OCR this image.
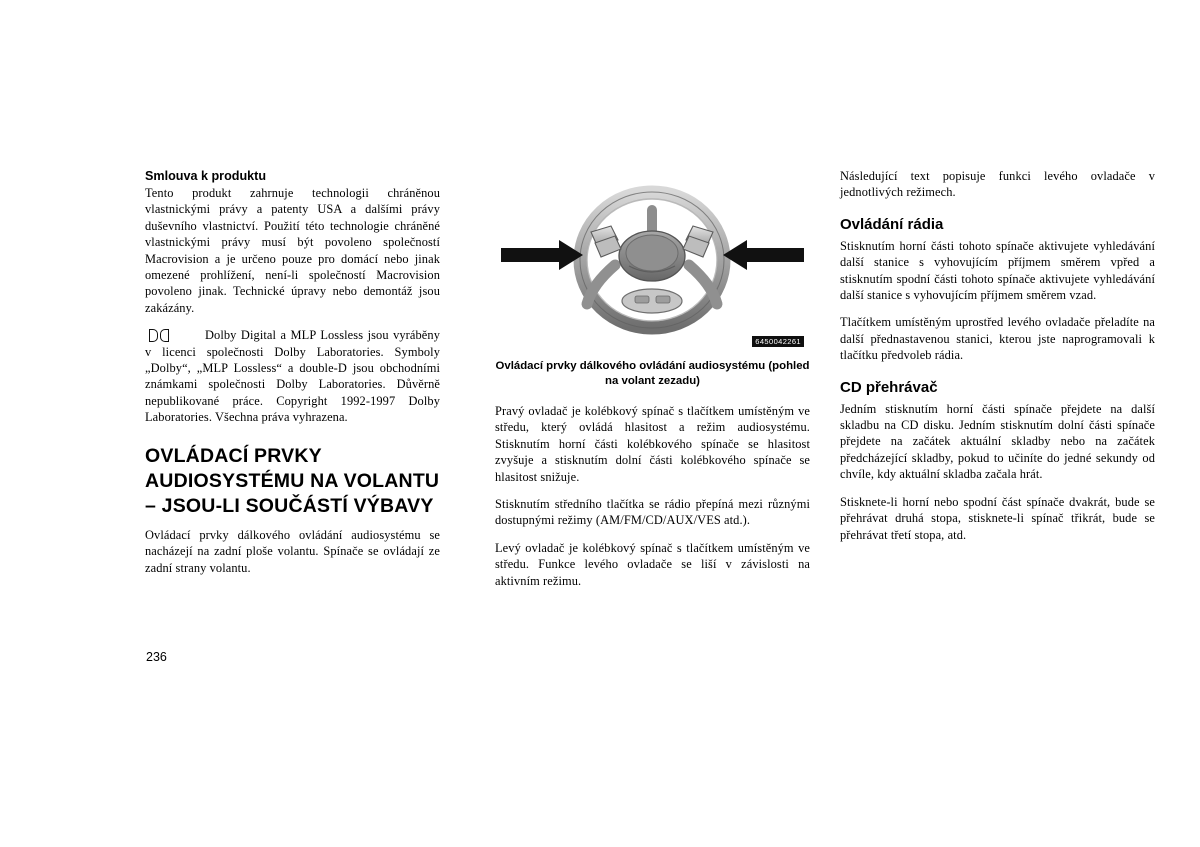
Smlouva k produktu

Tento produkt zahrnuje technologii chráněnou vlastnickými právy a patenty USA a dalšími právy duševního vlastnictví. Použití této technologie chráněné vlastnickými právy musí být povoleno společností Macrovision a je určeno pouze pro domácí nebo jinak omezené prohlížení, není-li společností Macrovision povoleno jinak. Technické úpravy nebo demontáž jsou zakázány.

Dolby Digital a MLP Lossless jsou vyráběny v licenci společnosti Dolby Laboratories. Symboly „Dolby“, „MLP Lossless“ a double-D jsou obchodními známkami společnosti Dolby Laboratories. Důvěrně nepublikované práce. Copyright 1992-1997 Dolby Laboratories. Všechna práva vyhrazena.

OVLÁDACÍ PRVKY AUDIOSYSTÉMU NA VOLANTU – JSOU-LI SOUČÁSTÍ VÝBAVY

Ovládací prvky dálkového ovládání audiosystému se nacházejí na zadní ploše volantu. Spínače se ovládají ze zadní strany volantu.

6450042261
Ovládací prvky dálkového ovládání audiosystému (pohled na volant zezadu)

Pravý ovladač je kolébkový spínač s tlačítkem umístěným ve středu, který ovládá hlasitost a režim audiosystému. Stisknutím horní části kolébkového spínače se hlasitost zvyšuje a stisknutím dolní části kolébkového spínače se hlasitost snižuje.

Stisknutím středního tlačítka se rádio přepíná mezi různými dostupnými režimy (AM/FM/CD/AUX/VES atd.).

Levý ovladač je kolébkový spínač s tlačítkem umístěným ve středu. Funkce levého ovladače se liší v závislosti na aktivním režimu.

Následující text popisuje funkci levého ovladače v jednotlivých režimech.

Ovládání rádia

Stisknutím horní části tohoto spínače aktivujete vyhledávání další stanice s vyhovujícím příjmem směrem vpřed a stisknutím spodní části tohoto spínače aktivujete vyhledávání další stanice s vyhovujícím příjmem směrem vzad.

Tlačítkem umístěným uprostřed levého ovladače přeladíte na další přednastavenou stanici, kterou jste naprogramovali k tlačítku předvoleb rádia.

CD přehrávač

Jedním stisknutím horní části spínače přejdete na další skladbu na CD disku. Jedním stisknutím dolní části spínače přejdete na začátek aktuální skladby nebo na začátek předcházející skladby, pokud to učiníte do jedné sekundy od chvíle, kdy aktuální skladba začala hrát.

Stisknete-li horní nebo spodní část spínače dvakrát, bude se přehrávat druhá stopa, stisknete-li spínač třikrát, bude se přehrávat třetí stopa, atd.

236
